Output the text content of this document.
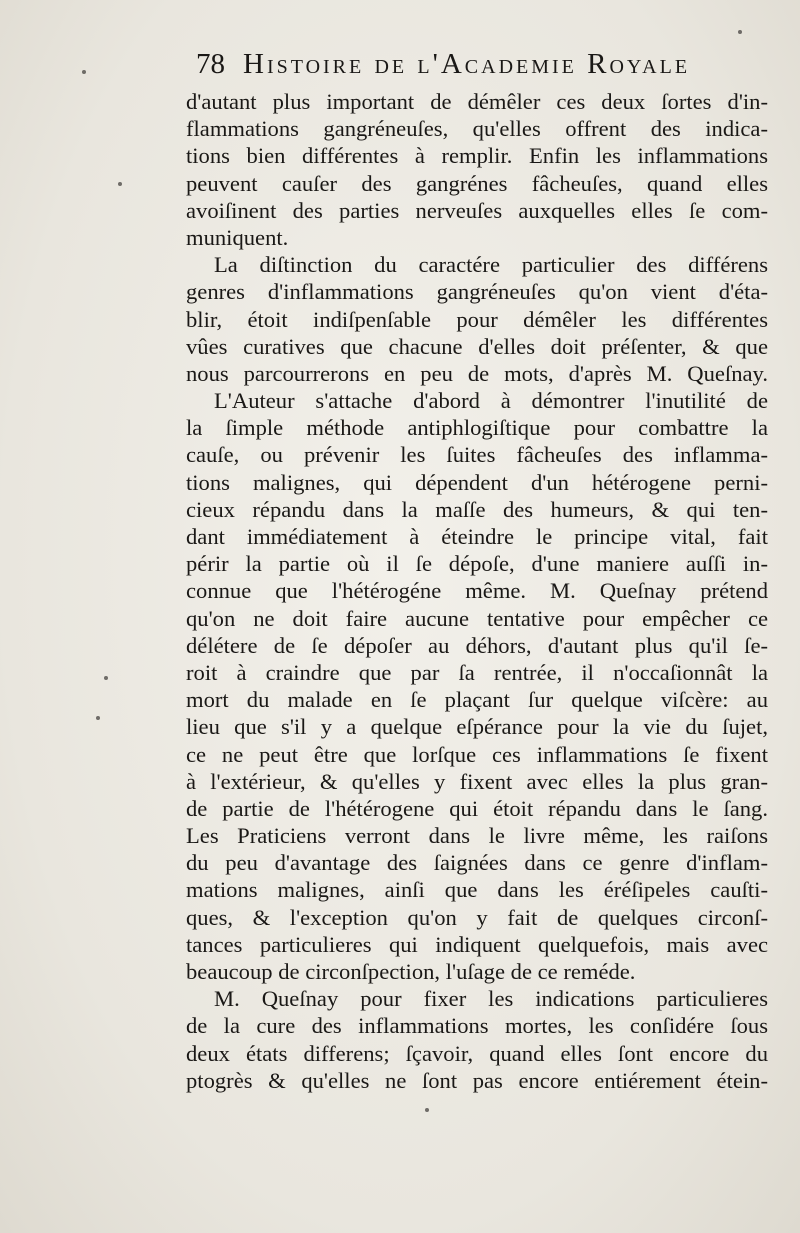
78 Histoire de l'Academie Royale
d'autant plus important de démêler ces deux ſortes d'in-
flammations gangréneuſes, qu'elles offrent des indica-
tions bien différentes à remplir. Enfin les inflammations
peuvent cauſer des gangrénes fâcheuſes, quand elles
avoiſinent des parties nerveuſes auxquelles elles ſe com-
muniquent.
La diſtinction du caractére particulier des différens
genres d'inflammations gangréneuſes qu'on vient d'éta-
blir, étoit indiſpenſable pour démêler les différentes
vûes curatives que chacune d'elles doit préſenter, & que
nous parcourrerons en peu de mots, d'après M. Queſnay.
L'Auteur s'attache d'abord à démontrer l'inutilité de
la ſimple méthode antiphlogiſtique pour combattre la
cauſe, ou prévenir les ſuites fâcheuſes des inflamma-
tions malignes, qui dépendent d'un hétérogene perni-
cieux répandu dans la maſſe des humeurs, & qui ten-
dant immédiatement à éteindre le principe vital, fait
périr la partie où il ſe dépoſe, d'une maniere auſſi in-
connue que l'hétérogéne même. M. Queſnay prétend
qu'on ne doit faire aucune tentative pour empêcher ce
délétere de ſe dépoſer au déhors, d'autant plus qu'il ſe-
roit à craindre que par ſa rentrée, il n'occaſionnât la
mort du malade en ſe plaçant ſur quelque viſcère: au
lieu que s'il y a quelque eſpérance pour la vie du ſujet,
ce ne peut être que lorſque ces inflammations ſe fixent
à l'extérieur, & qu'elles y fixent avec elles la plus gran-
de partie de l'hétérogene qui étoit répandu dans le ſang.
Les Praticiens verront dans le livre même, les raiſons
du peu d'avantage des ſaignées dans ce genre d'inflam-
mations malignes, ainſi que dans les éréſipeles cauſti-
ques, & l'exception qu'on y fait de quelques circonſ-
tances particulieres qui indiquent quelquefois, mais avec
beaucoup de circonſpection, l'uſage de ce reméde.
M. Queſnay pour fixer les indications particulieres
de la cure des inflammations mortes, les conſidére ſous
deux états differens; ſçavoir, quand elles ſont encore du
ptogrès & qu'elles ne ſont pas encore entiérement étein-
